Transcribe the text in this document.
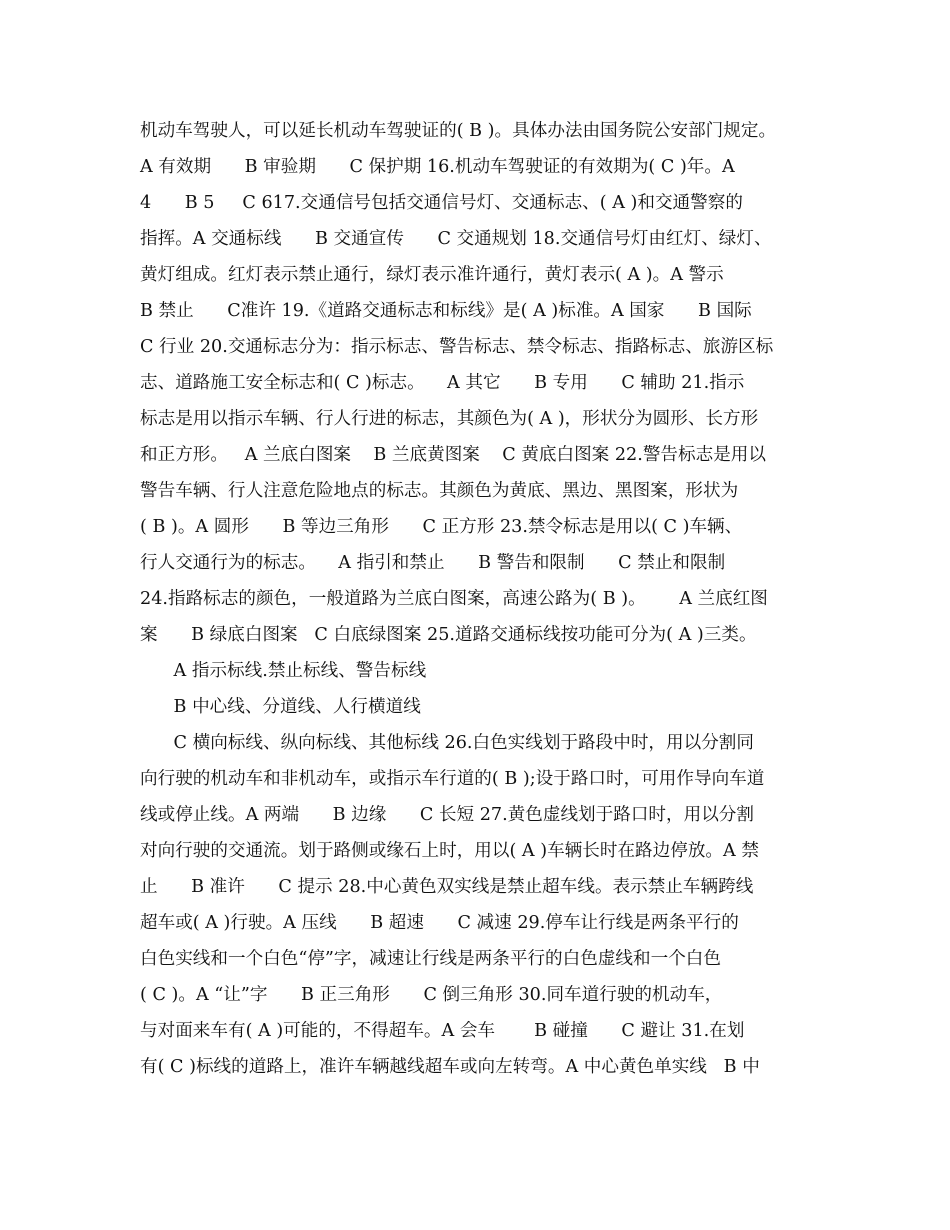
机动车驾驶人，可以延长机动车驾驶证的( B )。具体办法由国务院公安部门规定。
A 有效期      B 审验期      C 保护期 16.机动车驾驶证的有效期为( C )年。A
4      B 5     C 617.交通信号包括交通信号灯、交通标志、( A )和交通警察的
指挥。A 交通标线      B 交通宣传      C 交通规划 18.交通信号灯由红灯、绿灯、
黄灯组成。红灯表示禁止通行，绿灯表示准许通行，黄灯表示( A )。A 警示
B 禁止      C准许 19.《道路交通标志和标线》是( A )标准。A 国家      B 国际
C 行业 20.交通标志分为：指示标志、警告标志、禁令标志、指路标志、旅游区标
志、道路施工安全标志和( C )标志。    A 其它      B 专用      C 辅助 21.指示
标志是用以指示车辆、行人行进的标志，其颜色为( A )，形状分为圆形、长方形
和正方形。   A 兰底白图案    B 兰底黄图案    C 黄底白图案 22.警告标志是用以
警告车辆、行人注意危险地点的标志。其颜色为黄底、黑边、黑图案，形状为
( B )。A 圆形      B 等边三角形      C 正方形 23.禁令标志是用以( C )车辆、
行人交通行为的标志。    A 指引和禁止      B 警告和限制      C 禁止和限制
24.指路标志的颜色，一般道路为兰底白图案，高速公路为( B )。      A 兰底红图
案      B 绿底白图案   C 白底绿图案 25.道路交通标线按功能可分为( A )三类。
A 指示标线.禁止标线、警告标线
B 中心线、分道线、人行横道线
C 横向标线、纵向标线、其他标线 26.白色实线划于路段中时，用以分割同
向行驶的机动车和非机动车，或指示车行道的( B );设于路口时，可用作导向车道
线或停止线。A 两端      B 边缘      C 长短 27.黄色虚线划于路口时，用以分割
对向行驶的交通流。划于路侧或缘石上时，用以( A )车辆长时在路边停放。A 禁
止      B 准许      C 提示 28.中心黄色双实线是禁止超车线。表示禁止车辆跨线
超车或( A )行驶。A 压线      B 超速      C 减速 29.停车让行线是两条平行的
白色实线和一个白色“停”字，减速让行线是两条平行的白色虚线和一个白色
( C )。A “让”字      B 正三角形      C 倒三角形 30.同车道行驶的机动车，
与对面来车有( A )可能的，不得超车。A 会车       B 碰撞      C 避让 31.在划
有( C )标线的道路上，准许车辆越线超车或向左转弯。A 中心黄色单实线   B 中
